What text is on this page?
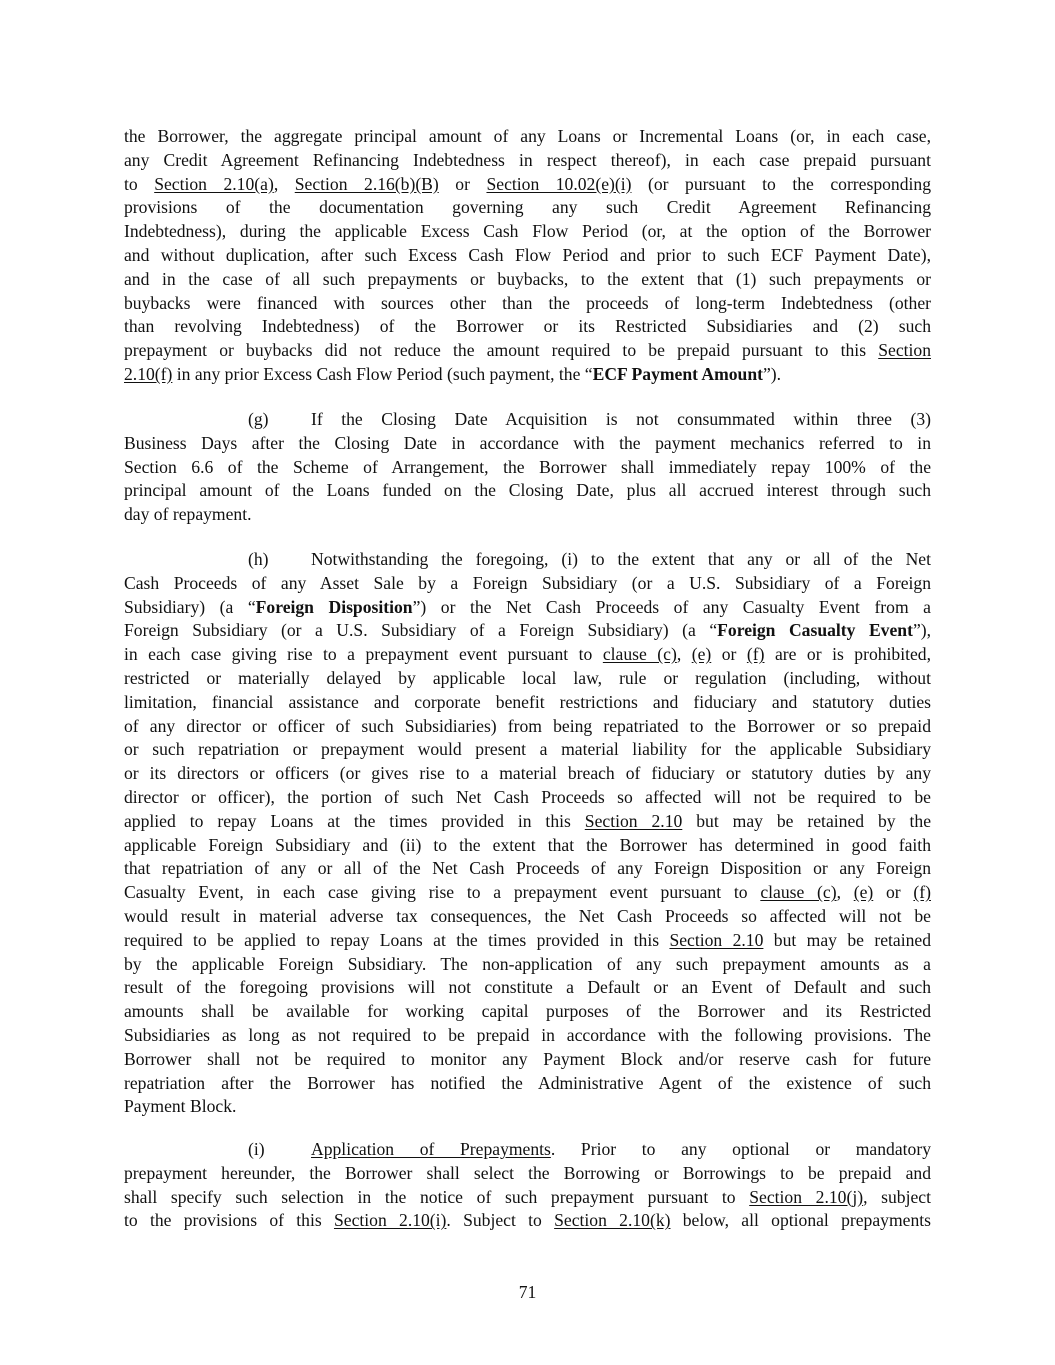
the Borrower, the aggregate principal amount of any Loans or Incremental Loans (or, in each case,
any Credit Agreement Refinancing Indebtedness in respect thereof), in each case prepaid pursuant
to Section 2.10(a), Section 2.16(b)(B) or Section 10.02(e)(i) (or pursuant to the corresponding
provisions of the documentation governing any such Credit Agreement Refinancing
Indebtedness), during the applicable Excess Cash Flow Period (or, at the option of the Borrower
and without duplication, after such Excess Cash Flow Period and prior to such ECF Payment Date),
and in the case of all such prepayments or buybacks, to the extent that (1) such prepayments or
buybacks were financed with sources other than the proceeds of long-term Indebtedness (other
than revolving Indebtedness) of the Borrower or its Restricted Subsidiaries and (2) such
prepayment or buybacks did not reduce the amount required to be prepaid pursuant to this Section
2.10(f) in any prior Excess Cash Flow Period (such payment, the “ECF Payment Amount”).
(g)	If the Closing Date Acquisition is not consummated within three (3)
Business Days after the Closing Date in accordance with the payment mechanics referred to in
Section 6.6 of the Scheme of Arrangement, the Borrower shall immediately repay 100% of the
principal amount of the Loans funded on the Closing Date, plus all accrued interest through such
day of repayment.
(h)	Notwithstanding the foregoing, (i) to the extent that any or all of the Net
Cash Proceeds of any Asset Sale by a Foreign Subsidiary (or a U.S. Subsidiary of a Foreign
Subsidiary) (a “Foreign Disposition”) or the Net Cash Proceeds of any Casualty Event from a
Foreign Subsidiary (or a U.S. Subsidiary of a Foreign Subsidiary) (a “Foreign Casualty Event”),
in each case giving rise to a prepayment event pursuant to clause (c), (e) or (f) are or is prohibited,
restricted or materially delayed by applicable local law, rule or regulation (including, without
limitation, financial assistance and corporate benefit restrictions and fiduciary and statutory duties
of any director or officer of such Subsidiaries) from being repatriated to the Borrower or so prepaid
or such repatriation or prepayment would present a material liability for the applicable Subsidiary
or its directors or officers (or gives rise to a material breach of fiduciary or statutory duties by any
director or officer), the portion of such Net Cash Proceeds so affected will not be required to be
applied to repay Loans at the times provided in this Section 2.10 but may be retained by the
applicable Foreign Subsidiary and (ii) to the extent that the Borrower has determined in good faith
that repatriation of any or all of the Net Cash Proceeds of any Foreign Disposition or any Foreign
Casualty Event, in each case giving rise to a prepayment event pursuant to clause (c), (e) or (f)
would result in material adverse tax consequences, the Net Cash Proceeds so affected will not be
required to be applied to repay Loans at the times provided in this Section 2.10 but may be retained
by the applicable Foreign Subsidiary. The non-application of any such prepayment amounts as a
result of the foregoing provisions will not constitute a Default or an Event of Default and such
amounts shall be available for working capital purposes of the Borrower and its Restricted
Subsidiaries as long as not required to be prepaid in accordance with the following provisions. The
Borrower shall not be required to monitor any Payment Block and/or reserve cash for future
repatriation after the Borrower has notified the Administrative Agent of the existence of such
Payment Block.
(i)	Application of Prepayments. Prior to any optional or mandatory
prepayment hereunder, the Borrower shall select the Borrowing or Borrowings to be prepaid and
shall specify such selection in the notice of such prepayment pursuant to Section 2.10(j), subject
to the provisions of this Section 2.10(i). Subject to Section 2.10(k) below, all optional prepayments
71
